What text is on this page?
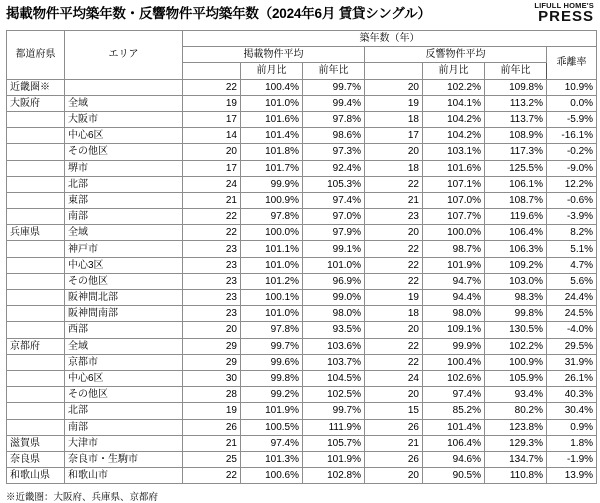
掲載物件平均築年数・反響物件平均築年数（2024年6月 賃貸シングル）
LIFULL HOME'S
PRESS
都道府県	エリア	築年数（年）						
		掲載物件平均			反響物件平均			乖離率
			前月比	前年比		前月比	前年比	
近畿圏※		22	100.4%	99.7%	20	102.2%	109.8%	10.9%
大阪府	全域	19	101.0%	99.4%	19	104.1%	113.2%	0.0%
	大阪市	17	101.6%	97.8%	18	104.2%	113.7%	-5.9%
	中心6区	14	101.4%	98.6%	17	104.2%	108.9%	-16.1%
	その他区	20	101.8%	97.3%	20	103.1%	117.3%	-0.2%
	堺市	17	101.7%	92.4%	18	101.6%	125.5%	-9.0%
	北部	24	99.9%	105.3%	22	107.1%	106.1%	12.2%
	東部	21	100.9%	97.4%	21	107.0%	108.7%	-0.6%
	南部	22	97.8%	97.0%	23	107.7%	119.6%	-3.9%
兵庫県	全域	22	100.0%	97.9%	20	100.0%	106.4%	8.2%
	神戸市	23	101.1%	99.1%	22	98.7%	106.3%	5.1%
	中心3区	23	101.0%	101.0%	22	101.9%	109.2%	4.7%
	その他区	23	101.2%	96.9%	22	94.7%	103.0%	5.6%
	阪神間北部	23	100.1%	99.0%	19	94.4%	98.3%	24.4%
	阪神間南部	23	101.0%	98.0%	18	98.0%	99.8%	24.5%
	西部	20	97.8%	93.5%	20	109.1%	130.5%	-4.0%
京都府	全域	29	99.7%	103.6%	22	99.9%	102.2%	29.5%
	京都市	29	99.6%	103.7%	22	100.4%	100.9%	31.9%
	中心6区	30	99.8%	104.5%	24	102.6%	105.9%	26.1%
	その他区	28	99.2%	102.5%	20	97.4%	93.4%	40.3%
	北部	19	101.9%	99.7%	15	85.2%	80.2%	30.4%
	南部	26	100.5%	111.9%	26	101.4%	123.8%	0.9%
滋賀県	大津市	21	97.4%	105.7%	21	106.4%	129.3%	1.8%
奈良県	奈良市・生駒市	25	101.3%	101.9%	26	94.6%	134.7%	-1.9%
和歌山県	和歌山市	22	100.6%	102.8%	20	90.5%	110.8%	13.9%
※近畿圏：大阪府、兵庫県、京都府
